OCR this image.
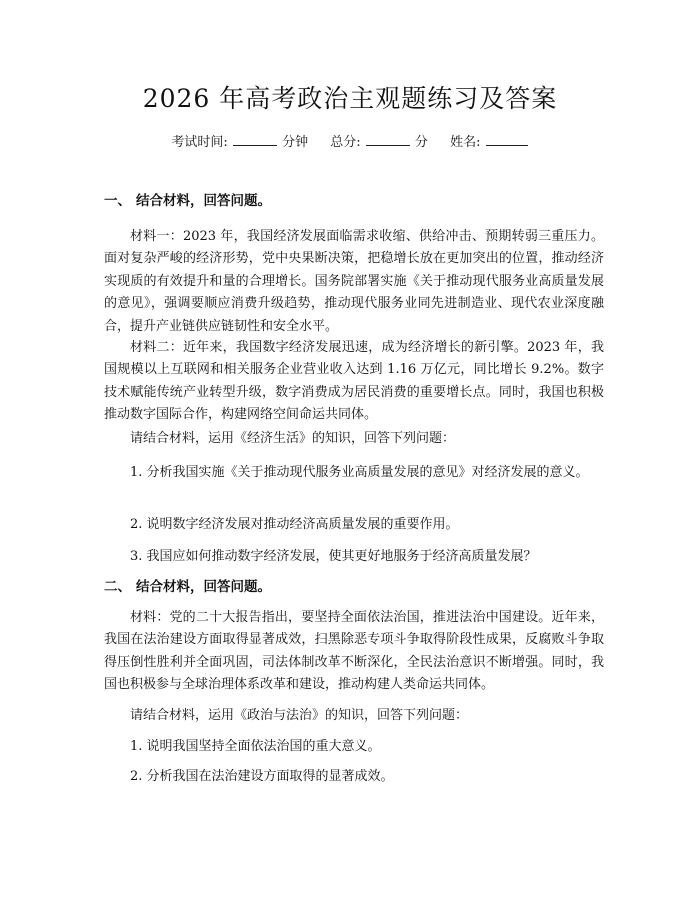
2026 年高考政治主观题练习及答案
考试时间:	分钟 总分:	分 姓名:
一、 结合材料，回答问题。

材料一：2023 年，我国经济发展面临需求收缩、供给冲击、预期转弱三重压力。面对复杂严峻的经济形势，党中央果断决策，把稳增长放在更加突出的位置，推动经济实现质的有效提升和量的合理增长。国务院部署实施《关于推动现代服务业高质量发展的意见》，强调要顺应消费升级趋势，推动现代服务业同先进制造业、现代农业深度融合，提升产业链供应链韧性和安全水平。

材料二：近年来，我国数字经济发展迅速，成为经济增长的新引擎。2023 年，我国规模以上互联网和相关服务企业营业收入达到 1.16 万亿元，同比增长 9.2%。数字技术赋能传统产业转型升级，数字消费成为居民消费的重要增长点。同时，我国也积极推动数字国际合作，构建网络空间命运共同体。

请结合材料，运用《经济生活》的知识，回答下列问题：

1. 分析我国实施《关于推动现代服务业高质量发展的意见》对经济发展的意义。

2. 说明数字经济发展对推动经济高质量发展的重要作用。

3. 我国应如何推动数字经济发展，使其更好地服务于经济高质量发展？

二、 结合材料，回答问题。

材料：党的二十大报告指出，要坚持全面依法治国，推进法治中国建设。近年来，我国在法治建设方面取得显著成效，扫黑除恶专项斗争取得阶段性成果，反腐败斗争取得压倒性胜利并全面巩固，司法体制改革不断深化，全民法治意识不断增强。同时，我国也积极参与全球治理体系改革和建设，推动构建人类命运共同体。

请结合材料，运用《政治与法治》的知识，回答下列问题：

1. 说明我国坚持全面依法治国的重大意义。

2. 分析我国在法治建设方面取得的显著成效。
